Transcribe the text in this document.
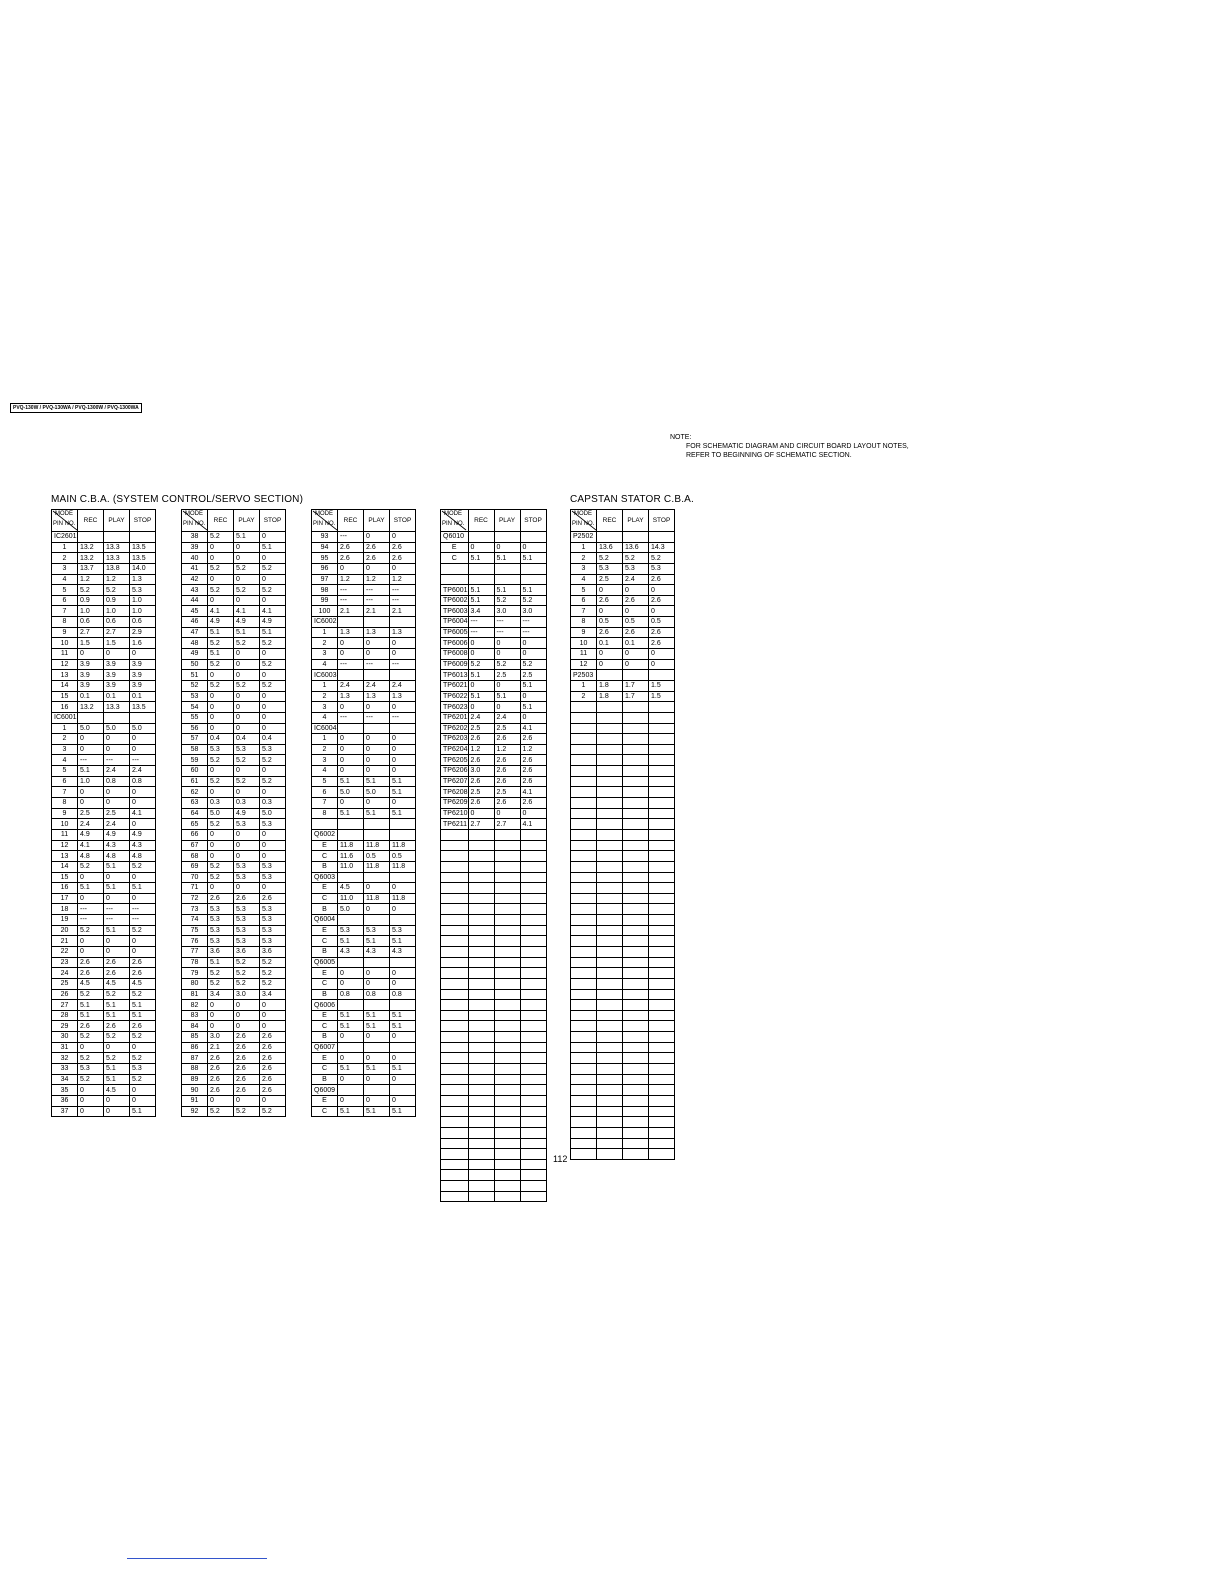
PVQ-130W / PVQ-130WA / PVQ-1300W / PVQ-1300WA
NOTE:
FOR SCHEMATIC DIAGRAM AND CIRCUIT BOARD LAYOUT NOTES,
REFER TO BEGINNING OF SCHEMATIC SECTION.
MAIN C.B.A. (SYSTEM CONTROL/SERVO SECTION)	CAPSTAN STATOR C.B.A.
MODE
PIN NO.	REC	PLAY	STOP
IC2601			
1	13.2	13.3	13.5
2	13.2	13.3	13.5
3	13.7	13.8	14.0
4	1.2	1.2	1.3
5	5.2	5.2	5.3
6	0.9	0.9	1.0
7	1.0	1.0	1.0
8	0.6	0.6	0.6
9	2.7	2.7	2.9
10	1.5	1.5	1.6
11	0	0	0
12	3.9	3.9	3.9
13	3.9	3.9	3.9
14	3.9	3.9	3.9
15	0.1	0.1	0.1
16	13.2	13.3	13.5
IC6001			
1	5.0	5.0	5.0
2	0	0	0
3	0	0	0
4	---	---	---
5	5.1	2.4	2.4
6	1.0	0.8	0.8
7	0	0	0
8	0	0	0
9	2.5	2.5	4.1
10	2.4	2.4	0
11	4.9	4.9	4.9
12	4.1	4.3	4.3
13	4.8	4.8	4.8
14	5.2	5.1	5.2
15	0	0	0
16	5.1	5.1	5.1
17	0	0	0
18	---	---	---
19	---	---	---
20	5.2	5.1	5.2
21	0	0	0
22	0	0	0
23	2.6	2.6	2.6
24	2.6	2.6	2.6
25	4.5	4.5	4.5
26	5.2	5.2	5.2
27	5.1	5.1	5.1
28	5.1	5.1	5.1
29	2.6	2.6	2.6
30	5.2	5.2	5.2
31	0	0	0
32	5.2	5.2	5.2
33	5.3	5.1	5.3
34	5.2	5.1	5.2
35	0	4.5	0
36	0	0	0
37	0	0	5.1
MODE
PIN NO.	REC	PLAY	STOP
38	5.2	5.1	0
39	0	0	5.1
40	0	0	0
41	5.2	5.2	5.2
42	0	0	0
43	5.2	5.2	5.2
44	0	0	0
45	4.1	4.1	4.1
46	4.9	4.9	4.9
47	5.1	5.1	5.1
48	5.2	5.2	5.2
49	5.1	0	0
50	5.2	0	5.2
51	0	0	0
52	5.2	5.2	5.2
53	0	0	0
54	0	0	0
55	0	0	0
56	0	0	0
57	0.4	0.4	0.4
58	5.3	5.3	5.3
59	5.2	5.2	5.2
60	0	0	0
61	5.2	5.2	5.2
62	0	0	0
63	0.3	0.3	0.3
64	5.0	4.9	5.0
65	5.2	5.3	5.3
66	0	0	0
67	0	0	0
68	0	0	0
69	5.2	5.3	5.3
70	5.2	5.3	5.3
71	0	0	0
72	2.6	2.6	2.6
73	5.3	5.3	5.3
74	5.3	5.3	5.3
75	5.3	5.3	5.3
76	5.3	5.3	5.3
77	3.6	3.6	3.6
78	5.1	5.2	5.2
79	5.2	5.2	5.2
80	5.2	5.2	5.2
81	3.4	3.0	3.4
82	0	0	0
83	0	0	0
84	0	0	0
85	3.0	2.6	2.6
86	2.1	2.6	2.6
87	2.6	2.6	2.6
88	2.6	2.6	2.6
89	2.6	2.6	2.6
90	2.6	2.6	2.6
91	0	0	0
92	5.2	5.2	5.2
MODE
PIN NO.	REC	PLAY	STOP
93	---	0	0
94	2.6	2.6	2.6
95	2.6	2.6	2.6
96	0	0	0
97	1.2	1.2	1.2
98	---	---	---
99	---	---	---
100	2.1	2.1	2.1
IC6002			
1	1.3	1.3	1.3
2	0	0	0
3	0	0	0
4	---	---	---
IC6003			
1	2.4	2.4	2.4
2	1.3	1.3	1.3
3	0	0	0
4	---	---	---
IC6004			
1	0	0	0
2	0	0	0
3	0	0	0
4	0	0	0
5	5.1	5.1	5.1
6	5.0	5.0	5.1
7	0	0	0
8	5.1	5.1	5.1

Q6002			
E	11.8	11.8	11.8
C	11.6	0.5	0.5
B	11.0	11.8	11.8
Q6003			
E	4.5	0	0
C	11.0	11.8	11.8
B	5.0	0	0
Q6004			
E	5.3	5.3	5.3
C	5.1	5.1	5.1
B	4.3	4.3	4.3
Q6005			
E	0	0	0
C	0	0	0
B	0.8	0.8	0.8
Q6006			
E	5.1	5.1	5.1
C	5.1	5.1	5.1
B	0	0	0
Q6007			
E	0	0	0
C	5.1	5.1	5.1
B	0	0	0
Q6009			
E	0	0	0
C	5.1	5.1	5.1
MODE
PIN NO.	REC	PLAY	STOP
Q6010			
E	0	0	0
C	5.1	5.1	5.1

TP6001	5.1	5.1	5.1
TP6002	5.1	5.2	5.2
TP6003	3.4	3.0	3.0
TP6004	---	---	---
TP6005	---	---	---
TP6006	0	0	0
TP6008	0	0	0
TP6009	5.2	5.2	5.2
TP6013	5.1	2.5	2.5
TP6021	0	0	5.1
TP6022	5.1	5.1	0
TP6023	0	0	5.1
TP6201	2.4	2.4	0
TP6202	2.5	2.5	4.1
TP6203	2.6	2.6	2.6
TP6204	1.2	1.2	1.2
TP6205	2.6	2.6	2.6
TP6206	3.0	2.6	2.6
TP6207	2.6	2.6	2.6
TP6208	2.5	2.5	4.1
TP6209	2.6	2.6	2.6
TP6210	0	0	0
TP6211	2.7	2.7	4.1

MODE
PIN NO.	REC	PLAY	STOP
P2502			
1	13.6	13.6	14.3
2	5.2	5.2	5.2
3	5.3	5.3	5.3
4	2.5	2.4	2.6
5	0	0	0
6	2.6	2.6	2.6
7	0	0	0
8	0.5	0.5	0.5
9	2.6	2.6	2.6
10	0.1	0.1	2.6
11	0	0	0
12	0	0	0
P2503			
1	1.8	1.7	1.5
2	1.8	1.7	1.5

112
